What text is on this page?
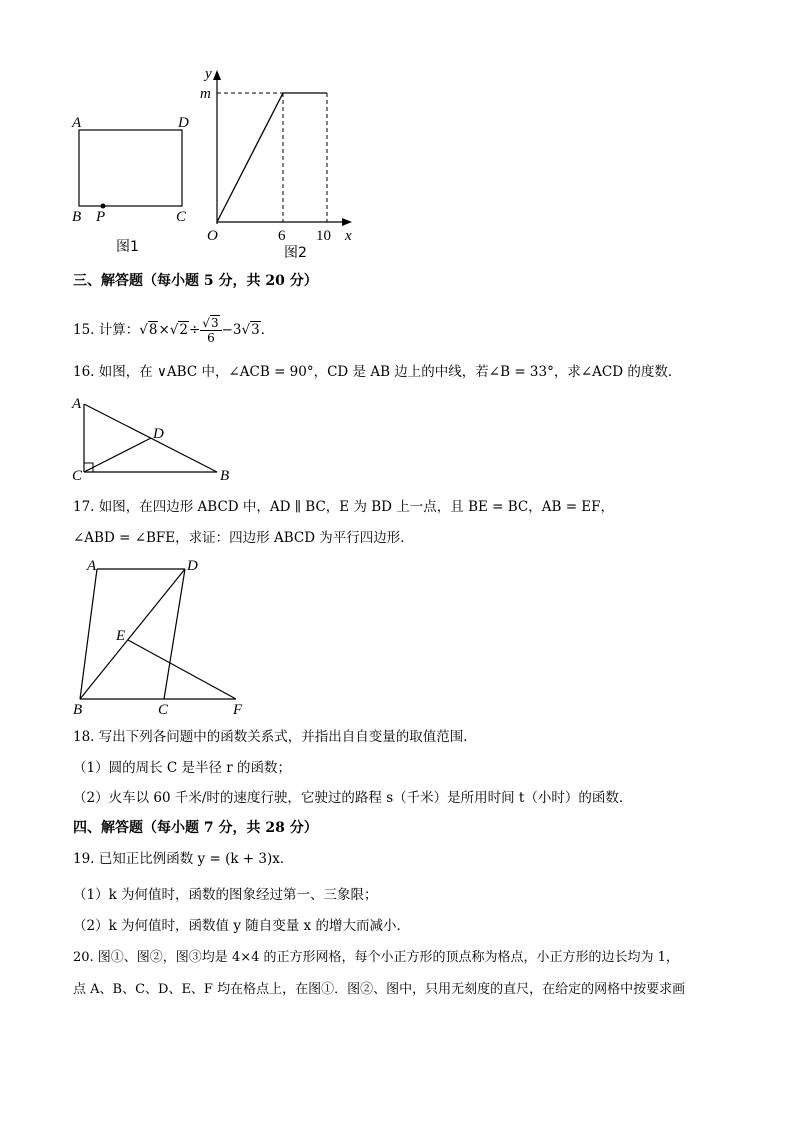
A	D
B P	C
图1
y
m
O	6 10 x
图2
A
D
C	B
A	D
E
B	C	F
三、解答题（每小题 5 分，共 20 分）
15. 计算：$√8\times√2\div \frac{√3}{6} -3√3$．
16. 如图，在 ∨ABC 中，∠ACB = 90°，CD 是 AB 边上的中线，若∠B = 33°，求∠ACD 的度数．
17. 如图，在四边形 ABCD 中，AD ∥ BC，E 为 BD 上一点，且 BE = BC，AB = EF，
∠ABD = ∠BFE，求证：四边形 ABCD 为平行四边形．
18. 写出下列各问题中的函数关系式，并指出自自变量的取值范围．
（1）圆的周长 C 是半径 r 的函数；
（2）火车以 60 千米/时的速度行驶，它驶过的路程 s（千米）是所用时间 t（小时）的函数．
四、解答题（每小题 7 分，共 28 分）
19. 已知正比例函数 y = (k + 3)x．
（1）k 为何值时，函数的图象经过第一、三象限；
（2）k 为何值时，函数值 y 随自变量 x 的增大而减小．
20. 图①、图②，图③均是 4×4 的正方形网格，每个小正方形的顶点称为格点，小正方形的边长均为 1，
点 A、B、C、D、E、F 均在格点上，在图①．图②、图中，只用无刻度的直尺，在给定的网格中按要求画
